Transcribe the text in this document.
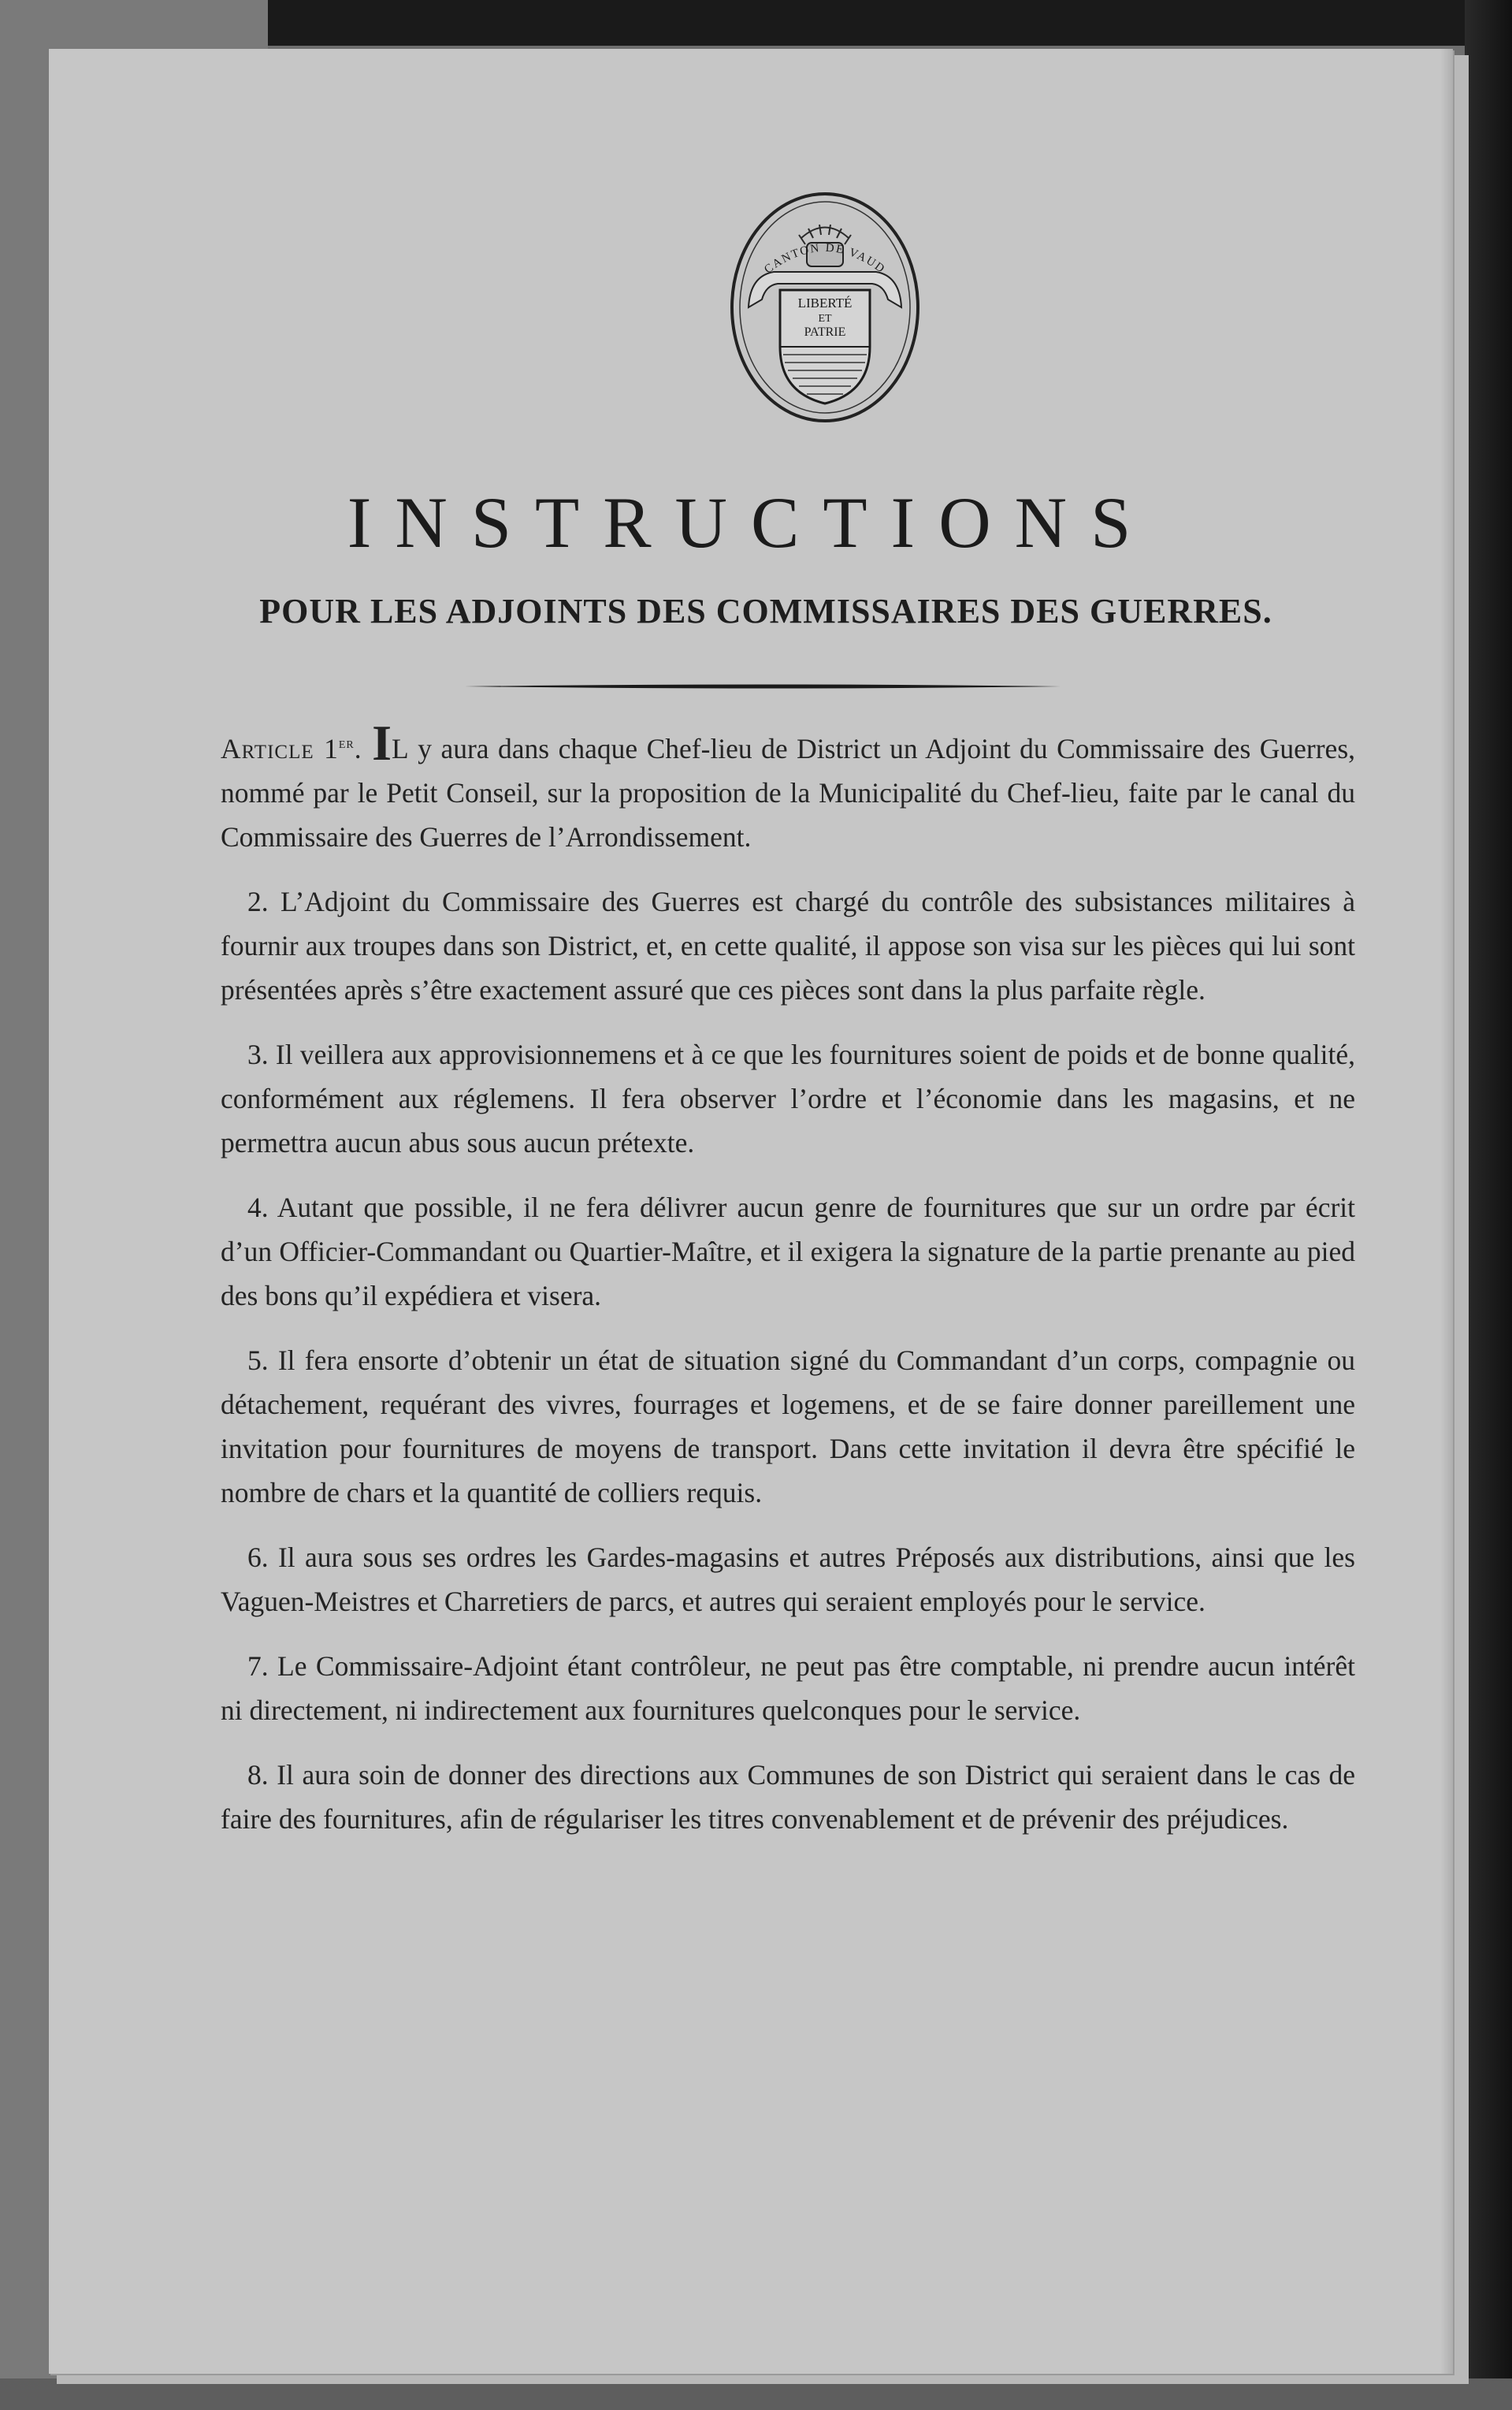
CANTON DE VAUD
LIBERTÉ
ET
PATRIE
INSTRUCTIONS
POUR LES ADJOINTS DES COMMISSAIRES DES GUERRES.

Article 1er. IL y aura dans chaque Chef-lieu de District un Adjoint du Commissaire des Guerres, nommé par le Petit Conseil, sur la proposition de la Municipalité du Chef-lieu, faite par le canal du Commissaire des Guerres de l’Arrondissement.

2. L’Adjoint du Commissaire des Guerres est chargé du contrôle des subsistances militaires à fournir aux troupes dans son District, et, en cette qualité, il appose son visa sur les pièces qui lui sont présentées après s’être exactement assuré que ces pièces sont dans la plus parfaite règle.

3. Il veillera aux approvisionnemens et à ce que les fournitures soient de poids et de bonne qualité, conformément aux réglemens. Il fera observer l’ordre et l’économie dans les magasins, et ne permettra aucun abus sous aucun prétexte.

4. Autant que possible, il ne fera délivrer aucun genre de fournitures que sur un ordre par écrit d’un Officier-Commandant ou Quartier-Maître, et il exigera la signature de la partie prenante au pied des bons qu’il expédiera et visera.

5. Il fera ensorte d’obtenir un état de situation signé du Commandant d’un corps, compagnie ou détachement, requérant des vivres, fourrages et logemens, et de se faire donner pareillement une invitation pour fournitures de moyens de transport. Dans cette invitation il devra être spécifié le nombre de chars et la quantité de colliers requis.

6. Il aura sous ses ordres les Gardes-magasins et autres Préposés aux distributions, ainsi que les Vaguen-Meistres et Charretiers de parcs, et autres qui seraient employés pour le service.

7. Le Commissaire-Adjoint étant contrôleur, ne peut pas être comptable, ni prendre aucun intérêt ni directement, ni indirectement aux fournitures quelconques pour le service.

8. Il aura soin de donner des directions aux Communes de son District qui seraient dans le cas de faire des fournitures, afin de régulariser les titres convenablement et de prévenir des préjudices.
